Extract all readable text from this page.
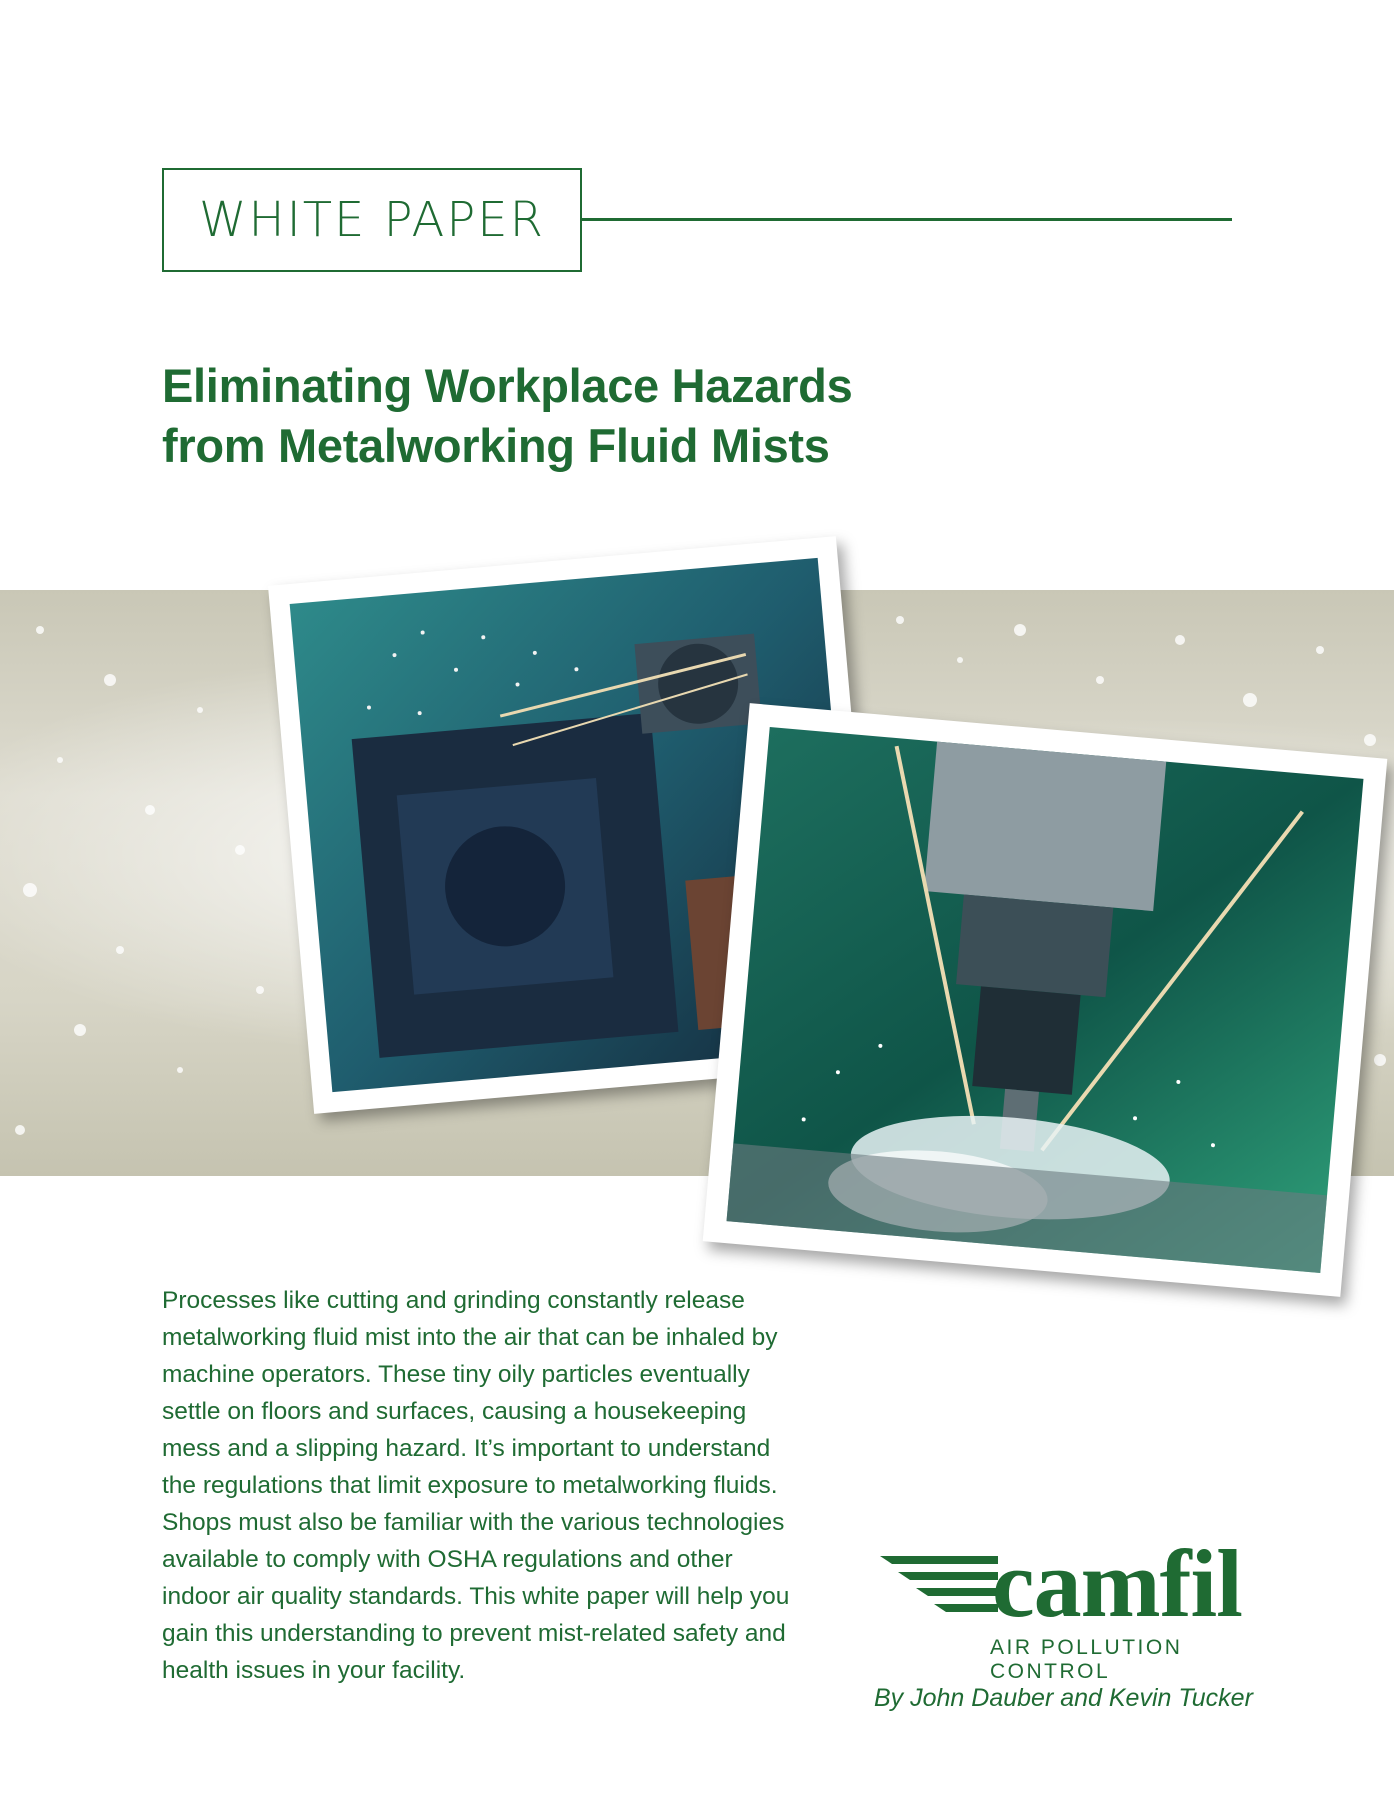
WHITE PAPER
Eliminating Workplace Hazards
from Metalworking Fluid Mists

Processes like cutting and grinding constantly release metalworking fluid mist into the air that can be inhaled by machine operators. These tiny oily particles eventually settle on floors and surfaces, causing a housekeeping mess and a slipping hazard. It’s important to understand the regulations that limit exposure to metalworking fluids. Shops must also be familiar with the various technologies available to comply with OSHA regulations and other indoor air quality standards. This white paper will help you gain this understanding to prevent mist-related safety and health issues in your facility.

camfil
AIR POLLUTION CONTROL
By John Dauber and Kevin Tucker
